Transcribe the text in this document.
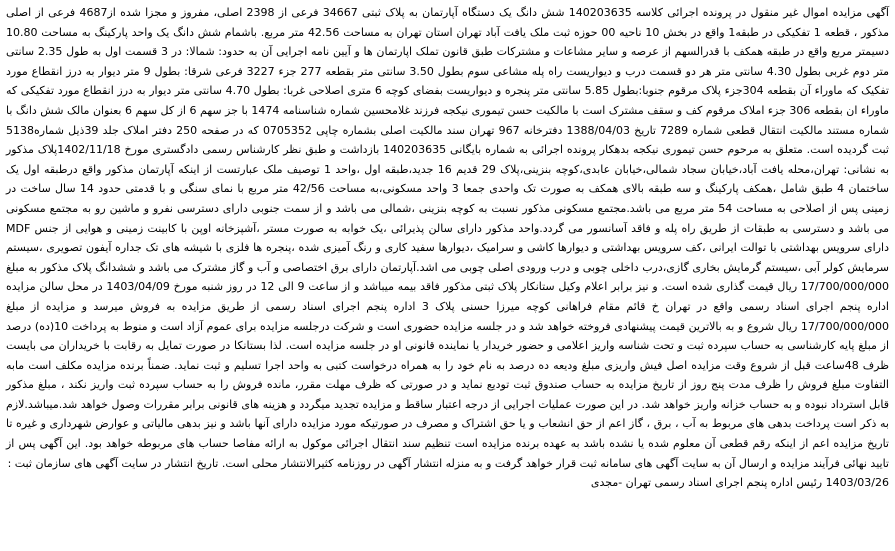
آگهی مزایده اموال غیر منقول در پرونده اجرائی کلاسه 140203635 شش دانگ یک دستگاه آپارتمان به پلاک ثبتی 34667 فرعی از 2398 اصلی، مفروز و مجزا شده از4687 فرعی از اصلی مذکور ، قطعه 1 تفکیکی در طبقه1 واقع در بخش 10 ناحیه 00 حوزه ثبت ملک یافت آباد تهران استان تهران به مساحت 42.56 متر مربع. باشمام شش دانگ یک واحد پارکینگ به مساحت 10.80 دسیمتر مربع واقع در طبقه همکف با قدرالسهم از عرصه و سایر مشاعات و مشترکات طبق قانون تملک اپارتمان ها و آیین نامه اجرایی آن به حدود: شمالا: در 3 قسمت اول به طول 2.35 سانتی متر دوم غربی بطول 4.30 سانتی متر هر دو قسمت درب و دیواریست راه پله مشاعی سوم بطول 3.50 سانتی متر بقطعه 277 جزء 3227 فرعی شرقا: بطول 9 متر دیوار به درز انقطاع مورد تفکیک که ماوراء آن بقطعه 304جزء پلاک مرقوم جنوبا:بطول 5.85 سانتی متر پنجره و دیواریست بفضای کوچه 6 متری اصلاحی غربا: بطول 4.70 سانتی متر دیوار به درز انقطاع مورد تفکیکی که ماوراء ان بقطعه 306 جزء املاک مرقوم کف و سقف مشترک است با مالکیت حسن تیموری نیکجه فرزند غلامحسین شماره شناسنامه 1474 با جز سهم 6 از کل سهم 6 بعنوان مالک شش دانگ با شماره مستند مالکیت انتقال قطعی شماره 7289 تاریخ 1388/04/03 دفترخانه 967 تهران سند مالکیت اصلی بشماره چاپی 0705352 که در صفحه 250 دفتر املاک جلد 39ذیل شماره5138 ثبت گردیده است. متعلق به مرحوم حسن تیموری نیکجه بدهکار پرونده اجرائی به شماره بایگانی 140203635 بازداشت و طبق نظر کارشناس رسمی دادگستری مورخ 1402/11/18پلاک مذکور به نشانی: تهران،محله یافت آباد،خیابان سجاد شمالی،خیابان عابدی،کوچه بنزینی،پلاک 29 قدیم 16 جدید،طبقه اول ،واحد 1 توصیف ملک عبارتست از اینکه آپارتمان مذکور واقع درطبقه اول یک ساختمان 4 طبق شامل ،همکف پارکینگ و سه طبقه بالای همکف به صورت تک واحدی جمعا 3 واحد مسکونی،به مساحت 42/56 متر مربع با نمای سنگی و با قدمتی حدود 14 سال ساخت در زمینی پس از اصلاحی به مساحت 54 متر مربع می باشد.مجتمع مسکونی مذکور نسبت به کوچه بنزینی ،شمالی می باشد و از سمت جنوبی دارای دسترسی نفرو و ماشین رو به مجتمع مسکونی می باشد و دسترسی به طبقات از طریق راه پله و فاقد آسانسور می گردد.واحد مذکور دارای سالن پذیرائی ،یک خوابه به صورت مستر ،آشپزخانه اوپن با کابینت زمینی و هوایی از جنس MDF دارای سرویس بهداشتی با توالت ایرانی ،کف سرویس بهداشتی و دیوارها کاشی و سرامیک ،دیوارها سفید کاری و رنگ آمیزی شده ،پنجره ها فلزی با شیشه های تک جداره آیفون تصویری ،سیستم سرمایش کولر آبی ،سیستم گرمایش بخاری گازی،درب داخلی چوبی و درب ورودی اصلی چوبی می اشد.آپارتمان دارای برق اختصاصی و آب و گاز مشترک می باشد و ششدانگ پلاک مذکور به مبلغ 17/700/000/000 ریال قیمت گذاری شده است. و نیز برابر اعلام وکیل ستانکار پلاک ثبتی مذکور فاقد بیمه میباشد و از ساعت 9 الی 12 در روز شنبه مورخ 1403/04/09 در محل سالن مزایده اداره پنجم اجرای اسناد رسمی واقع در تهران خ قائم مقام فراهانی کوچه میرزا حسنی پلاک 3 اداره پنجم اجرای اسناد رسمی از طریق مزایده به فروش میرسد و مزایده از مبلغ 17/700/000/000 ریال شروع و به بالاترین قیمت پیشنهادی فروخته خواهد شد و در جلسه مزایده حضوری است و شرکت درجلسه مزایده برای عموم آزاد است و منوط به پرداخت 10(ده) درصد از مبلغ پایه کارشناسی به حساب سپرده ثبت و تحت شناسه واریز اعلامی و حضور خریدار یا نماینده قانونی او در جلسه مزایده است. لذا بستانکا در صورت تمایل به رقابت با خریداران می بایست ظرف 48ساعت قبل از شروع وقت مزایده اصل فیش واریزی مبلغ ودیعه ده درصد به نام خود را به همراه درخواست کتبی به واحد اجرا تسلیم و ثبت نماید. ضمناً برنده مزایده مکلف است مابه التفاوت مبلغ فروش را ظرف مدت پنج روز از تاریخ مزایده به حساب صندوق ثبت تودیع نماید و در صورتی که ظرف مهلت مقرر، مانده فروش را به حساب سپرده ثبت واریز نکند ، مبلغ مذکور قابل استرداد نبوده و به حساب خزانه واریز خواهد شد. در این صورت عملیات اجرایی از درجه اعتبار ساقط و مزایده تجدید میگردد و هزینه های قانونی برابر مقررات وصول خواهد شد.میباشد.لازم به ذکر است پرداخت بدهی های مربوط به آب ، برق ، گاز اعم از حق انشعاب و یا حق اشتراک و مصرف در صورتیکه مورد مزایده دارای آنها باشد و نیز بدهی مالیاتی و عوارض شهرداری و غیره تا تاریخ مزایده اعم از اینکه رقم قطعی آن معلوم شده یا نشده باشد به عهده برنده مزایده است تنظیم سند انتقال اجرائی موکول به ارائه مفاصا حساب های مربوطه خواهد بود. این آگهی پس از تایید نهائی فرآیند مزایده و ارسال آن به سایت آگهی های سامانه ثبت قرار خواهد گرفت و به منزله انتشار آگهی در روزنامه کثیرالانتشار محلی است. تاریخ انتشار در سایت آگهی های سازمان ثبت :

1403/03/26 رئیس اداره پنجم اجرای اسناد رسمی تهران -مجدی
